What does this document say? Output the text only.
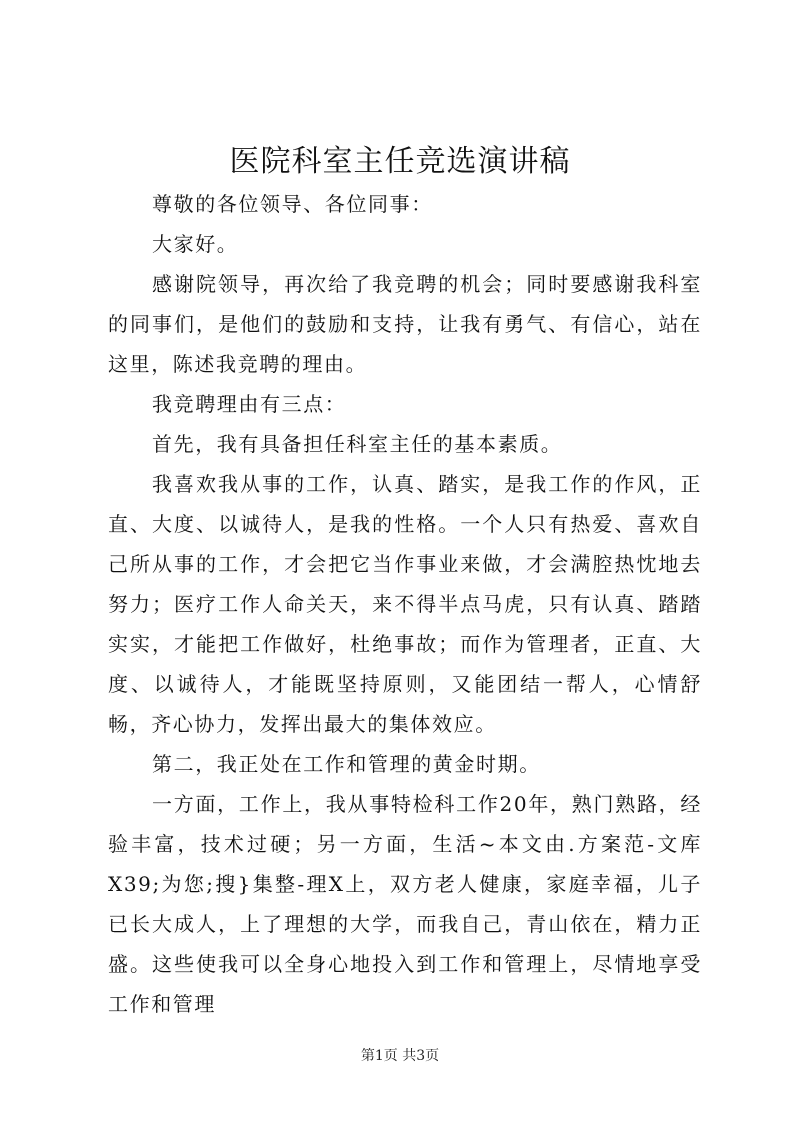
医院科室主任竞选演讲稿

尊敬的各位领导、各位同事：

大家好。

感谢院领导，再次给了我竞聘的机会；同时要感谢我科室的同事们，是他们的鼓励和支持，让我有勇气、有信心，站在这里，陈述我竞聘的理由。

我竞聘理由有三点：

首先，我有具备担任科室主任的基本素质。

我喜欢我从事的工作，认真、踏实，是我工作的作风，正直、大度、以诚待人，是我的性格。一个人只有热爱、喜欢自己所从事的工作，才会把它当作事业来做，才会满腔热忱地去努力；医疗工作人命关天，来不得半点马虎，只有认真、踏踏实实，才能把工作做好，杜绝事故；而作为管理者，正直、大度、以诚待人，才能既坚持原则，又能团结一帮人，心情舒畅，齐心协力，发挥出最大的集体效应。

第二，我正处在工作和管理的黄金时期。

一方面，工作上，我从事特检科工作20年，熟门熟路，经验丰富，技术过硬；另一方面，生活~本文由.方案范-文库X39;为您;搜}集整-理X上，双方老人健康，家庭幸福，儿子已长大成人，上了理想的大学，而我自己，青山依在，精力正盛。这些使我可以全身心地投入到工作和管理上，尽情地享受工作和管理

第1页 共3页
